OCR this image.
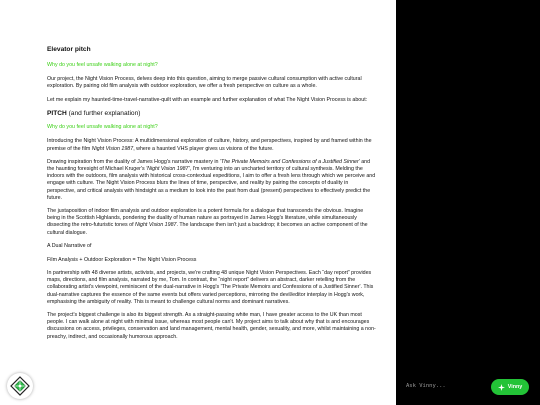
Elevator pitch

Why do you feel unsafe walking alone at night?

Our project, the Night Vision Process, delves deep into this question, aiming to merge passive cultural consumption with active cultural exploration. By pairing old film analysis with outdoor exploration, we offer a fresh perspective on culture as a whole.

Let me explain my haunted-time-travel-narrative-quilt with an example and further explanation of what The Night Vision Process is about:

PITCH (and further explanation)

Why do you feel unsafe walking alone at night?

Introducing the Night Vision Process: A multidimensional exploration of culture, history, and perspectives, inspired by and framed within the premise of the film Night Vision 1987, where a haunted VHS player gives us visions of the future.

Drawing inspiration from the duality of James Hogg's narrative mastery in 'The Private Memoirs and Confessions of a Justified Sinner' and the haunting foresight of Michael Kruger's 'Night Vision 1987', I'm venturing into an uncharted territory of cultural synthesis. Melding the indoors with the outdoors, film analysis with historical cross-contextual expeditions, I aim to offer a fresh lens through which we perceive and engage with culture. The Night Vision Process blurs the lines of time, perspective, and reality by pairing the concepts of duality in perspective, and critical analysis with hindsight as a medium to look into the past from dual (present) perspectives to effectively predict the future.

The juxtaposition of indoor film analysis and outdoor exploration is a potent formula for a dialogue that transcends the obvious. Imagine being in the Scottish Highlands, pondering the duality of human nature as portrayed in James Hogg's literature, while simultaneously dissecting the retro-futuristic tones of Night Vision 1987. The landscape then isn't just a backdrop; it becomes an active component of the cultural dialogue.

A Dual Narrative of

Film Analysis + Outdoor Exploration = The Night Vision Process

In partnership with 48 diverse artists, activists, and projects, we're crafting 48 unique Night Vision Perspectives. Each “day report” provides maps, directions, and film analysis, narrated by me, Tom. In contrast, the “night report” delivers an abstract, darker retelling from the collaborating artist's viewpoint, reminiscent of the dual-narrative in Hogg's 'The Private Memoirs and Confessions of a Justified Sinner'. This dual-narrative captures the essence of the same events but offers varied perceptions, mirroring the devil/editor interplay in Hogg's work, emphasising the ambiguity of reality. This is meant to challenge cultural norms and dominant narratives.

The project's biggest challenge is also its biggest strength. As a straight-passing white man, I have greater access to the UK than most people. I can walk alone at night with minimal issue, whereas most people can't. My project aims to talk about why that is and encourages discussions on access, privileges, conservation and land management, mental health, gender, sexuality, and more, whilst maintaining a non-preachy, indirect, and occasionally humorous approach.

Ask Vinny...
Vinny
